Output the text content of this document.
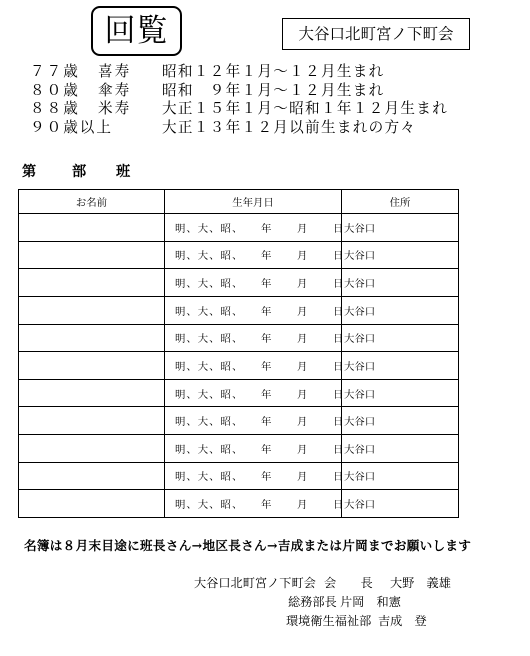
回覧	大谷口北町宮ノ下町会
７７歳 喜寿 昭和１２年１月～１２月生まれ
８０歳 傘寿 昭和　９年１月～１２月生まれ
８８歳 米寿 大正１５年１月～昭和１年１２月生まれ
９０歳以上	大正１３年１２月以前生まれの方々
第	部 班
お名前	生年月日	住所
	明、大、昭、 年 月 日	大谷口
	明、大、昭、 年 月 日	大谷口
	明、大、昭、 年 月 日	大谷口
	明、大、昭、 年 月 日	大谷口
	明、大、昭、 年 月 日	大谷口
	明、大、昭、 年 月 日	大谷口
	明、大、昭、 年 月 日	大谷口
	明、大、昭、 年 月 日	大谷口
	明、大、昭、 年 月 日	大谷口
	明、大、昭、 年 月 日	大谷口
	明、大、昭、 年 月 日	大谷口
名簿は８月末目途に班長さん→地区長さん→吉成または片岡までお願いします
大谷口北町宮ノ下町会 会　　長 大野　義雄
総務部長 片岡　和憲
環境衛生福祉部 吉成　登
